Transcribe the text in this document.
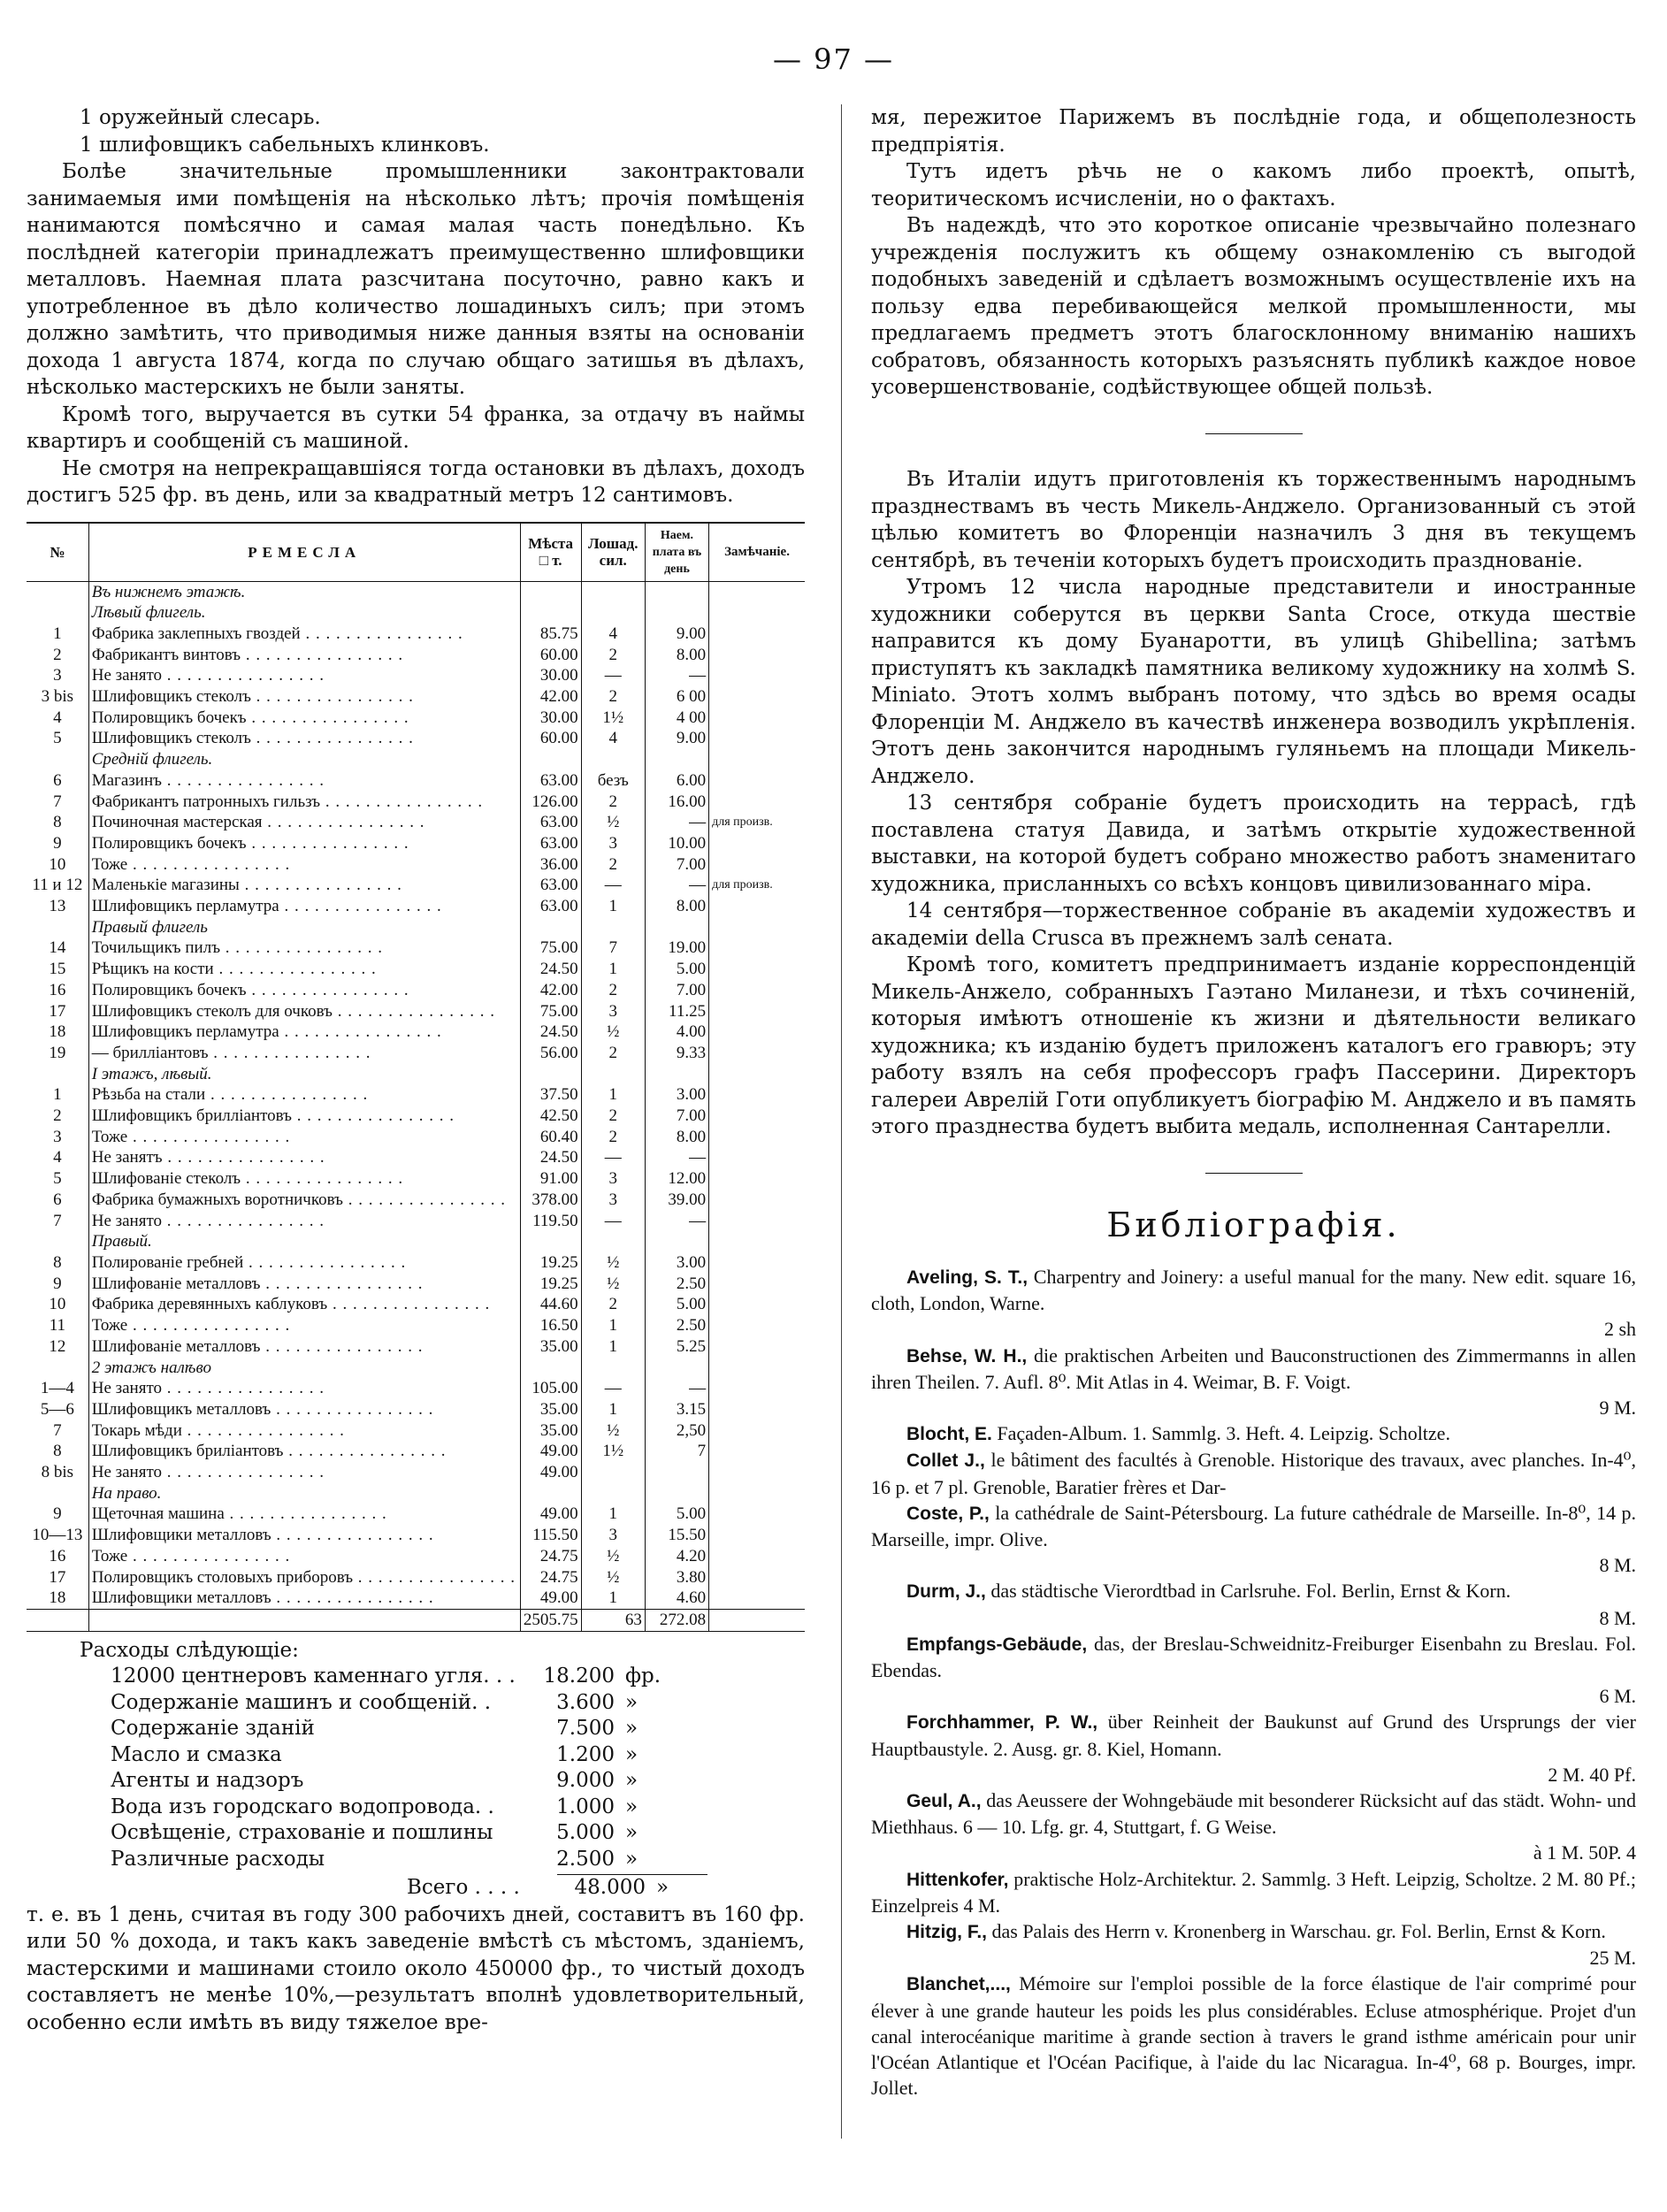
— 97 —

1 оружейный слесарь.

1 шлифовщикъ сабельныхъ клинковъ.

Болѣе значительные промышленники законтрактовали занимаемыя ими помѣщенія на нѣсколько лѣтъ; прочія помѣщенія нанимаются помѣсячно и самая малая часть понедѣльно. Къ послѣдней категоріи принадлежатъ преимущественно шлифовщики металловъ. Наемная плата разсчитана посуточно, равно какъ и употребленное въ дѣло количество лошадиныхъ силъ; при этомъ должно замѣтить, что приводимыя ниже данныя взяты на основаніи дохода 1 августа 1874, когда по случаю общаго затишья въ дѣлахъ, нѣсколько мастерскихъ не были заняты.

Кромѣ того, выручается въ сутки 54 франка, за отдачу въ наймы квартиръ и сообщеній съ машиной.

Не смотря на непрекращавшіяся тогда остановки въ дѣлахъ, доходъ достигъ 525 фр. въ день, или за квадратный метръ 12 сантимовъ.

№	РЕМЕСЛА	Мѣста □ т.	Лошад. сил.	Наем. плата въ день	Замѣчаніе.
	Въ нижнемъ этажѣ.				
	Лѣвый флигель.				
1	Фабрика заклепныхъ гвоздей . . .	85.75	4	9.00	
2	Фабрикантъ винтовъ . . .	60.00	2	8.00	
3	Не занято . . .	30.00	—	—	
3 bis	Шлифовщикъ стеколъ . . .	42.00	2	6 00	
4	Полировщикъ бочекъ . . .	30.00	1½	4 00	
5	Шлифовщикъ стеколъ . . .	60.00	4	9.00	
	Средній флигель.				
6	Магазинъ . . .	63.00	безъ	6.00	
7	Фабрикантъ патронныхъ гильзъ . . .	126.00	2	16.00	
8	Починочная мастерская . . .	63.00	½	—	для произв.
9	Полировщикъ бочекъ . . .	63.00	3	10.00	
10	Тоже . . .	36.00	2	7.00	
11 и 12	Маленькіе магазины . . .	63.00	—	—	для произв.
13	Шлифовщикъ перламутра . . .	63.00	1	8.00	
	Правый флигель				
14	Точильщикъ пилъ . . .	75.00	7	19.00	
15	Рѣщикъ на кости . . .	24.50	1	5.00	
16	Полировщикъ бочекъ . . .	42.00	2	7.00	
17	Шлифовщикъ стеколъ для очковъ . . .	75.00	3	11.25	
18	Шлифовщикъ перламутра . . .	24.50	½	4.00	
19	— бриллiантовъ . . .	56.00	2	9.33	
	I этажъ, лѣвый.				
1	Рѣзьба на стали . . .	37.50	1	3.00	
2	Шлифовщикъ бриллiантовъ . . .	42.50	2	7.00	
3	Тоже . . .	60.40	2	8.00	
4	Не занятъ . . .	24.50	—	—	
5	Шлифованіе стеколъ . . .	91.00	3	12.00	
6	Фабрика бумажныхъ воротничковъ . . .	378.00	3	39.00	
7	Не занято . . .	119.50	—	—	
	Правый.				
8	Полированіе гребней . . .	19.25	½	3.00	
9	Шлифованіе металловъ . . .	19.25	½	2.50	
10	Фабрика деревянныхъ каблуковъ . . .	44.60	2	5.00	
11	Тоже . . .	16.50	1	2.50	
12	Шлифованіе металловъ . . .	35.00	1	5.25	
	2 этажъ налѣво				
1—4	Не занято . . .	105.00	—	—	
5—6	Шлифовщикъ металловъ . . .	35.00	1	3.15	
7	Токарь мѣди . . .	35.00	½	2,50	
8	Шлифовщикъ бриліантовъ . . .	49.00	1½	7	
8 bis	Не занято . . .	49.00			
	На право.				
9	Щеточная машина . . .	49.00	1	5.00	
10—13	Шлифовщики металловъ . . .	115.50	3	15.50	
16	Тоже . . .	24.75	½	4.20	
17	Полировщикъ столовыхъ приборовъ . . .	24.75	½	3.80	
18	Шлифовщики металловъ . . .	49.00	1	4.60	
		2505.75	63	272.08	
Расходы слѣдующіе:
12000 центнеровъ каменнаго угля. . .	18.200 фр.
Содержаніе машинъ и сообщеній. .	3.600 »
Содержаніе зданій	7.500 »
Масло и смазка	1.200 »
Агенты и надзоръ	9.000 »
Вода изъ городскаго водопровода. .	1.000 »
Освѣщеніе, страхованіе и пошлины	5.000 »
Различные расходы	2.500 »
Всего . . . .	48.000 »

т. е. въ 1 день, считая въ году 300 рабочихъ дней, составитъ въ 160 фр. или 50 % дохода, и такъ какъ заведеніе вмѣстѣ съ мѣстомъ, зданіемъ, мастерскими и машинами стоило около 450000 фр., то чистый доходъ составляетъ не менѣе 10%,—результатъ вполнѣ удовлетворительный, особенно если имѣть въ виду тяжелое вре-

мя, пережитое Парижемъ въ послѣдніе года, и общеполезность предпріятія.

Тутъ идетъ рѣчь не о какомъ либо проектѣ, опытѣ, теоритическомъ исчисленіи, но о фактахъ.

Въ надеждѣ, что это короткое описаніе чрезвычайно полезнаго учрежденія послужитъ къ общему ознакомленію съ выгодой подобныхъ заведеній и сдѣлаетъ возможнымъ осуществленіе ихъ на пользу едва перебивающейся мелкой промышленности, мы предлагаемъ предметъ этотъ благосклонному вниманію нашихъ собратовъ, обязанность которыхъ разъяснять публикѣ каждое новое усовершенствованіе, содѣйствующее общей пользѣ.

Въ Италіи идутъ приготовленія къ торжественнымъ народнымъ празднествамъ въ честь Микель-Анджело. Организованный съ этой цѣлью комитетъ во Флоренціи назначилъ 3 дня въ текущемъ сентябрѣ, въ теченіи которыхъ будетъ происходить празднованіе.

Утромъ 12 числа народные представители и иностранные художники соберутся въ церкви Santa Croce, откуда шествіе направится къ дому Буанаротти, въ улицѣ Ghibellina; затѣмъ приступятъ къ закладкѣ памятника великому художнику на холмѣ S. Miniato. Этотъ холмъ выбранъ потому, что здѣсь во время осады Флоренціи М. Анджело въ качествѣ инженера возводилъ укрѣпленія. Этотъ день закончится народнымъ гуляньемъ на площади Микель-Анджело.

13 сентября собраніе будетъ происходить на террасѣ, гдѣ поставлена статуя Давида, и затѣмъ открытіе художественной выставки, на которой будетъ собрано множество работъ знаменитаго художника, присланныхъ со всѣхъ концовъ цивилизованнаго міра.

14 сентября—торжественное собраніе въ академіи художествъ и академіи della Crusca въ прежнемъ залѣ сената.

Кромѣ того, комитетъ предпринимаетъ изданіе корреспонденцій Микель-Анжело, собранныхъ Гаэтано Миланези, и тѣхъ сочиненій, которыя имѣютъ отношеніе къ жизни и дѣятельности великаго художника; къ изданію будетъ приложенъ каталогъ его гравюръ; эту работу взялъ на себя профессоръ графъ Пассерини. Директоръ галереи Аврелій Готи опубликуетъ біографію М. Анджело и въ память этого празднества будетъ выбита медаль, исполненная Сантарелли.

Библіографія.

Aveling, S. T., Charpentry and Joinery: a useful manual for the many. New edit. square 16, cloth, London, Warne.
2 sh

Behse, W. H., die praktischen Arbeiten und Bauconstructionen des Zimmermanns in allen ihren Theilen. 7. Aufl. 8⁰. Mit Atlas in 4. Weimar, B. F. Voigt.
9 M.

Blocht, E. Façaden-Album. 1. Sammlg. 3. Heft. 4. Leipzig. Scholtze.

Collet J., le bâtiment des facultés à Grenoble. Historique des travaux, avec planches. In-4⁰, 16 p. et 7 pl. Grenoble, Baratier frères et Dar-

Coste, P., la cathédrale de Saint-Pétersbourg. La future cathédrale de Marseille. In-8⁰, 14 p. Marseille, impr. Olive.
8 M.

Durm, J., das städtische Vierordtbad in Carlsruhe. Fol. Berlin, Ernst & Korn.
8 M.

Empfangs-Gebäude, das, der Breslau-Schweidnitz-Freiburger Eisenbahn zu Breslau. Fol. Ebendas.
6 M.

Forchhammer, P. W., über Reinheit der Baukunst auf Grund des Ursprungs der vier Hauptbaustyle. 2. Ausg. gr. 8. Kiel, Homann.
2 M. 40 Pf.

Geul, A., das Aeussere der Wohngebäude mit besonderer Rücksicht auf das städt. Wohn- und Miethhaus. 6 — 10. Lfg. gr. 4, Stuttgart, f. G Weise.
à 1 M. 50P. 4

Hittenkofer, praktische Holz-Architektur. 2. Sammlg. 3 Heft. Leipzig, Scholtze. 2 M. 80 Pf.; Einzelpreis 4 M.

Hitzig, F., das Palais des Herrn v. Kronenberg in Warschau. gr. Fol. Berlin, Ernst & Korn.
25 M.

Blanchet,..., Mémoire sur l'emploi possible de la force élastique de l'air comprimé pour élever à une grande hauteur les poids les plus considérables. Ecluse atmosphérique. Projet d'un canal interocéanique maritime à grande section à travers le grand isthme américain pour unir l'Océan Atlantique et l'Océan Pacifique, à l'aide du lac Nicaragua. In-4⁰, 68 p. Bourges, impr. Jollet.
